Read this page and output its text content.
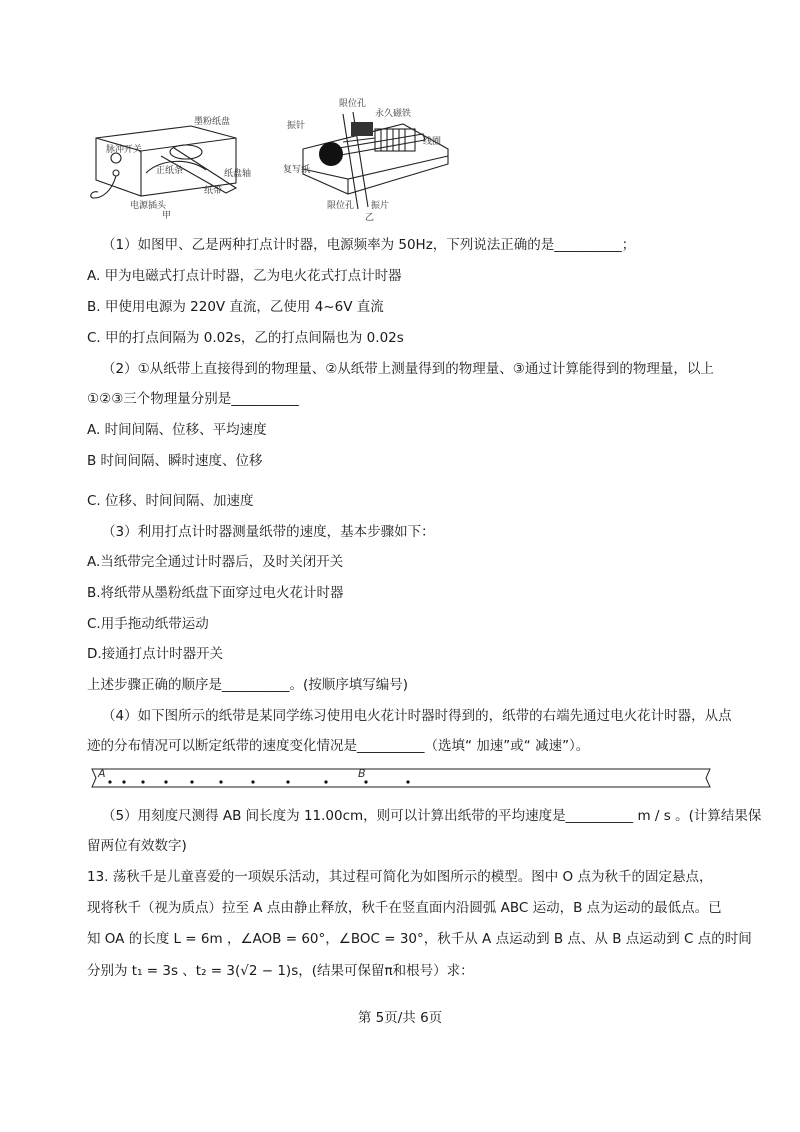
脉冲开关
墨粉纸盘
正纸条
纸带
纸盘轴
电源插头
甲
振针
限位孔
永久磁铁
线圈
复写纸
限位孔 振片
乙
（1）如图甲、乙是两种打点计时器，电源频率为 50Hz，下列说法正确的是__________；
A. 甲为电磁式打点计时器，乙为电火花式打点计时器
B. 甲使用电源为 220V 直流，乙使用 4~6V 直流
C. 甲的打点间隔为 0.02s，乙的打点间隔也为 0.02s
（2）①从纸带上直接得到的物理量、②从纸带上测量得到的物理量、③通过计算能得到的物理量，以上
①②③三个物理量分别是__________
A. 时间间隔、位移、平均速度
B 时间间隔、瞬时速度、位移
C. 位移、时间间隔、加速度
（3）利用打点计时器测量纸带的速度，基本步骤如下：
A.当纸带完全通过计时器后，及时关闭开关
B.将纸带从墨粉纸盘下面穿过电火花计时器
C.用手拖动纸带运动
D.接通打点计时器开关
上述步骤正确的顺序是__________。(按顺序填写编号)
（4）如下图所示的纸带是某同学练习使用电火花计时器时得到的，纸带的右端先通过电火花计时器，从点
迹的分布情况可以断定纸带的速度变化情况是__________（选填“ 加速”或“ 减速”）。
A	B
（5）用刻度尺测得 AB 间长度为 11.00cm，则可以计算出纸带的平均速度是__________ m / s 。(计算结果保
留两位有效数字)
13. 荡秋千是儿童喜爱的一项娱乐活动，其过程可简化为如图所示的模型。图中 O 点为秋千的固定悬点，
现将秋千（视为质点）拉至 A 点由静止释放，秋千在竖直面内沿圆弧 ABC 运动，B 点为运动的最低点。已
知 OA 的长度 L = 6m ，∠AOB = 60°，∠BOC = 30°，秋千从 A 点运动到 B 点、从 B 点运动到 C 点的时间
分别为 t₁ = 3s 、t₂ = 3(√2 − 1)s，(结果可保留π和根号）求：
第 5页/共 6页
